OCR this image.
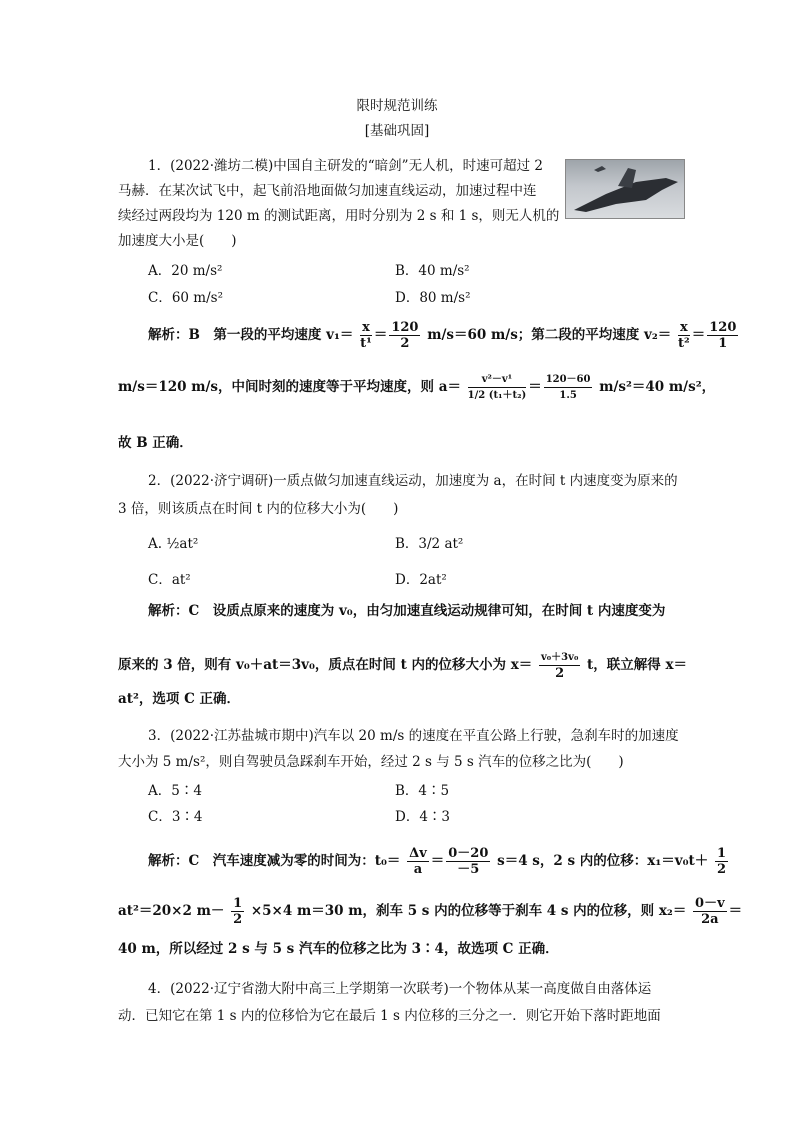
限时规范训练
[基础巩固]
1．(2022·潍坊二模)中国自主研发的“暗剑”无人机，时速可超过 2
马赫．在某次试飞中，起飞前沿地面做匀加速直线运动，加速过程中连
续经过两段均为 120 m 的测试距离，用时分别为 2 s 和 1 s，则无人机的
加速度大小是(　　)
A．20 m/s²	B．40 m/s²
C．60 m/s²	D．80 m/s²
解析：B　第一段的平均速度 $v_1= \frac{x}{\text{t¹}} = \frac{120}{2} m/s=60$ m/s；第二段的平均速度 $v_2= \frac{x}{\text{t²}} = \frac{120}{1}$
m/s＝120 m/s，中间时刻的速度等于平均速度，则 $a= \frac{\text{v²－v¹}}{\text{1/2 (t₁＋t₂)}} = \frac{120-60}{1.5} m/s^2=40$ m/s²，
故 B 正确．
2．(2022·济宁调研)一质点做匀加速直线运动，加速度为 a，在时间 t 内速度变为原来的
3 倍，则该质点在时间 t 内的位移大小为(　　)
A. ½at²	B．3/2 at²
C．at²	D．2at²
解析：C　设质点原来的速度为 v₀，由匀加速直线运动规律可知，在时间 t 内速度变为
原来的 3 倍，则有 v₀＋at＝3v₀，质点在时间 t 内的位移大小为 $x= \frac{\text{v₀＋3v₀}}{2}$ t，联立解得 x＝
at²，选项 C 正确．
3．(2022·江苏盐城市期中)汽车以 20 m/s 的速度在平直公路上行驶，急刹车时的加速度
大小为 5 m/s²，则自驾驶员急踩刹车开始，经过 2 s 与 5 s 汽车的位移之比为(　　)
A．5∶4	B．4∶5
C．3∶4	D．4∶3
解析：C　汽车速度减为零的时间为：$t_0= \frac{\Delta v}{a} = \frac{0-20}{-5} s=4$ s，2 s 内的位移：$x_1=v_0t+ \frac{1}{2}$
at²＝20×2 $m- \frac{1}{2} \times 5\times 4$ m＝30 m，刹车 5 s 内的位移等于刹车 4 s 内的位移，则 $x_2= \frac{0-v}{2a}$ ＝
40 m，所以经过 2 s 与 5 s 汽车的位移之比为 3∶4，故选项 C 正确．
4．(2022·辽宁省渤大附中高三上学期第一次联考)一个物体从某一高度做自由落体运
动．已知它在第 1 s 内的位移恰为它在最后 1 s 内位移的三分之一．则它开始下落时距地面
